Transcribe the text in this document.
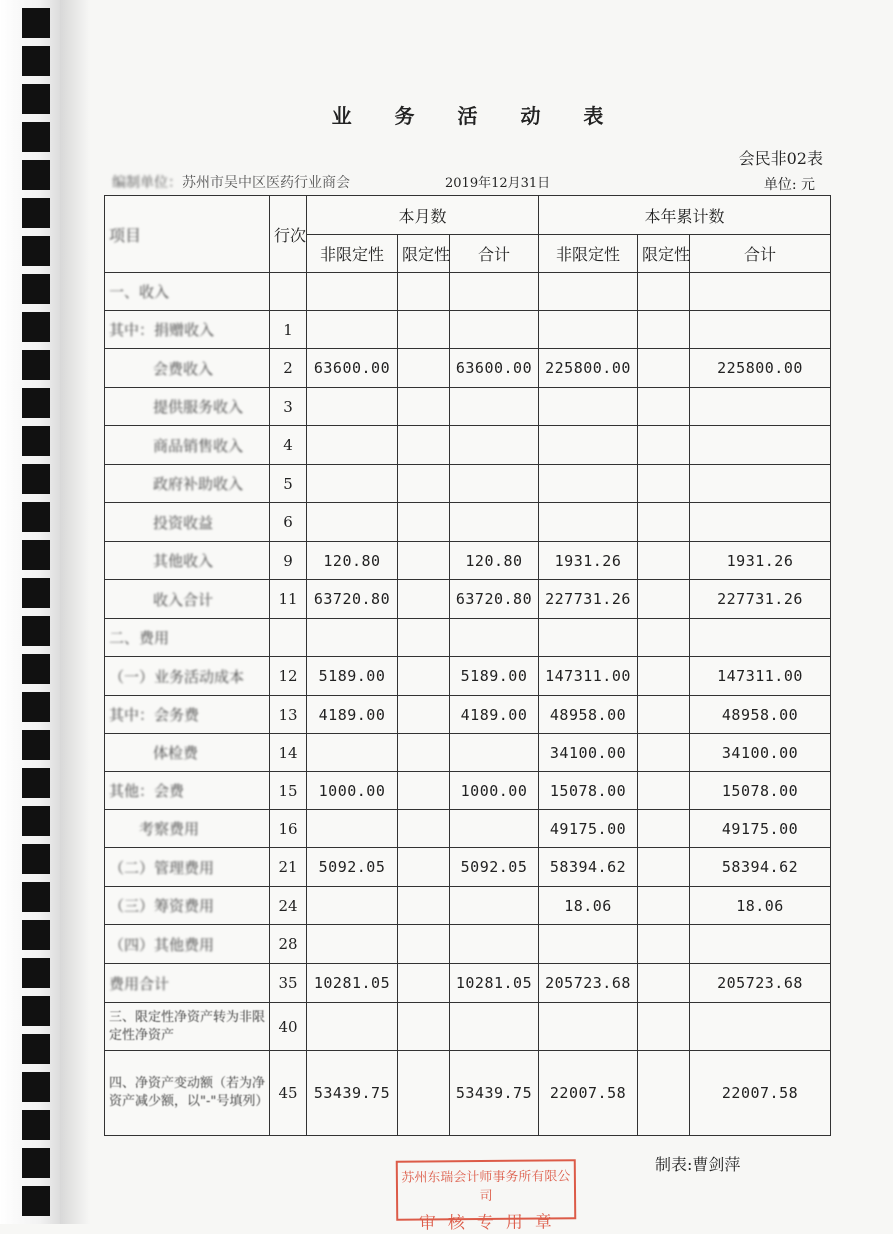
业 务 活 动 表
会民非02表
编制单位：苏州市吴中区医药行业商会	2019年12月31日	单位: 元
项目	行次	本月数			本年累计数		
		非限定性	限定性	合计	非限定性	限定性	合计
一、收入							
其中：捐赠收入	1						
会费收入	2	63600.00		63600.00	225800.00		225800.00
提供服务收入	3						
商品销售收入	4						
政府补助收入	5						
投资收益	6						
其他收入	9	120.80		120.80	1931.26		1931.26
收入合计	11	63720.80		63720.80	227731.26		227731.26
二、费用							
（一）业务活动成本	12	5189.00		5189.00	147311.00		147311.00
其中：会务费	13	4189.00		4189.00	48958.00		48958.00
体检费	14				34100.00		34100.00
其他：会费	15	1000.00		1000.00	15078.00		15078.00
考察费用	16				49175.00		49175.00
（二）管理费用	21	5092.05		5092.05	58394.62		58394.62
（三）筹资费用	24				18.06		18.06
（四）其他费用	28						
费用合计	35	10281.05		10281.05	205723.68		205723.68
三、限定性净资产转为非限定性净资产	40						
四、净资产变动额（若为净资产减少额，以"-"号填列）	45	53439.75		53439.75	22007.58		22007.58
制表:曹剑萍
苏州东瑞会计师事务所有限公司
审核专用章
